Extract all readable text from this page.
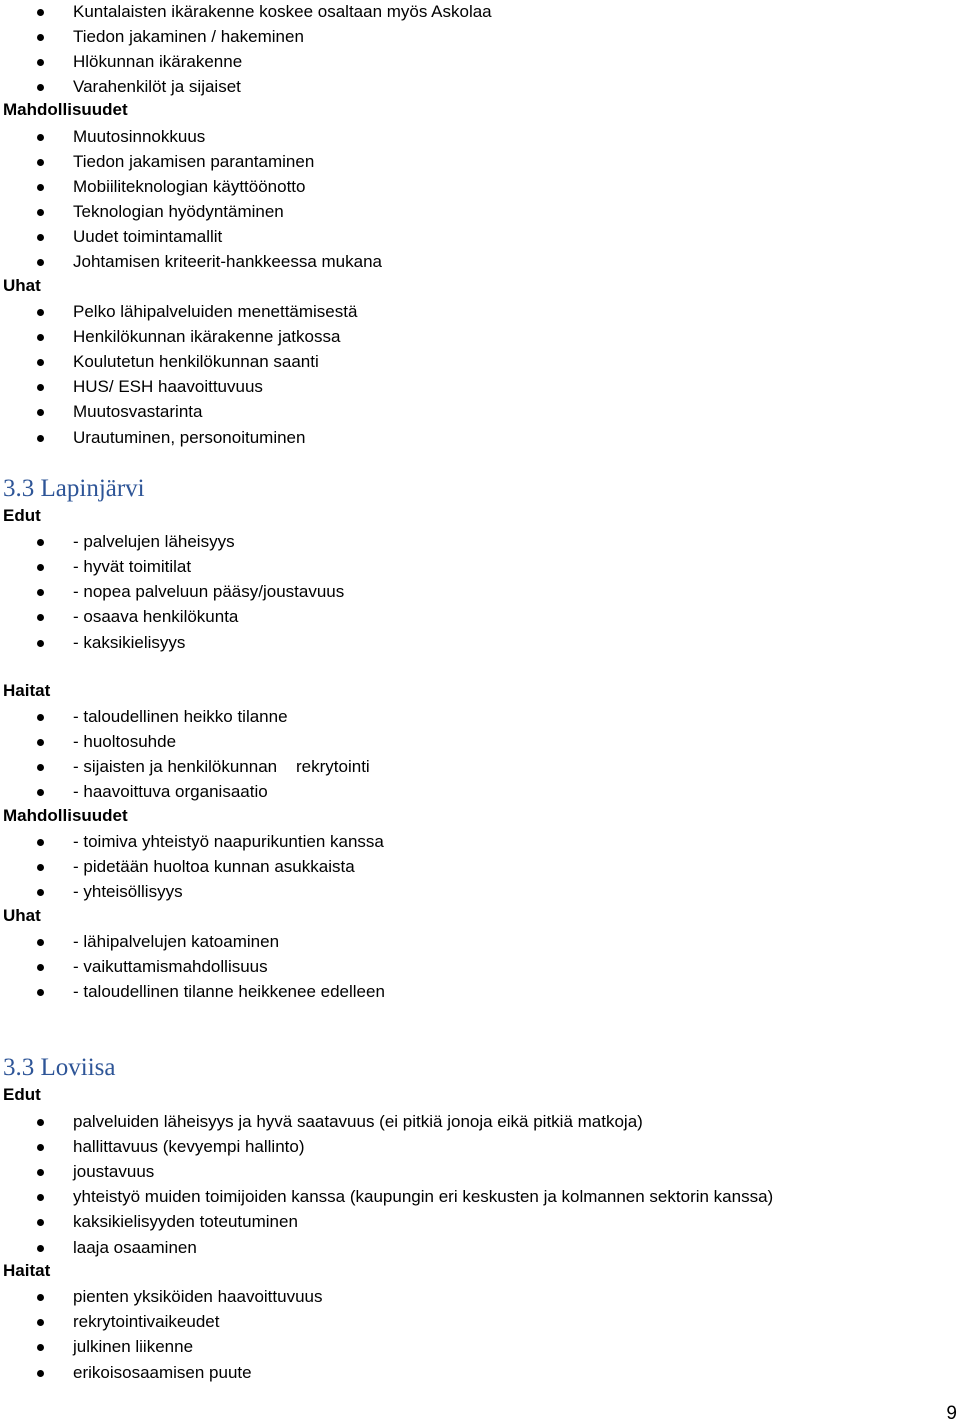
Kuntalaisten ikärakenne koskee osaltaan myös Askolaa
Tiedon jakaminen / hakeminen
Hlökunnan ikärakenne
Varahenkilöt ja sijaiset
Mahdollisuudet
Muutosinnokkuus
Tiedon jakamisen parantaminen
Mobiiliteknologian käyttöönotto
Teknologian hyödyntäminen
Uudet toimintamallit
Johtamisen kriteerit-hankkeessa mukana
Uhat
Pelko lähipalveluiden menettämisestä
Henkilökunnan ikärakenne jatkossa
Koulutetun henkilökunnan saanti
HUS/ ESH haavoittuvuus
Muutosvastarinta
Urautuminen, personoituminen
3.3 Lapinjärvi
Edut
- palvelujen läheisyys
- hyvät toimitilat
- nopea palveluun pääsy/joustavuus
- osaava henkilökunta
- kaksikielisyys
Haitat
- taloudellinen heikko tilanne
- huoltosuhde
- sijaisten ja henkilökunnan    rekrytointi
- haavoittuva organisaatio
Mahdollisuudet
- toimiva yhteistyö naapurikuntien kanssa
- pidetään huoltoa kunnan asukkaista
- yhteisöllisyys
Uhat
- lähipalvelujen katoaminen
- vaikuttamismahdollisuus
- taloudellinen tilanne heikkenee edelleen
3.3 Loviisa
Edut
palveluiden läheisyys ja hyvä saatavuus (ei pitkiä jonoja eikä pitkiä matkoja)
hallittavuus (kevyempi hallinto)
joustavuus
yhteistyö muiden toimijoiden kanssa (kaupungin eri keskusten ja kolmannen sektorin kanssa)
kaksikielisyyden toteutuminen
laaja osaaminen
Haitat
pienten yksiköiden haavoittuvuus
rekrytointivaikeudet
julkinen liikenne
erikoisosaamisen puute
9
